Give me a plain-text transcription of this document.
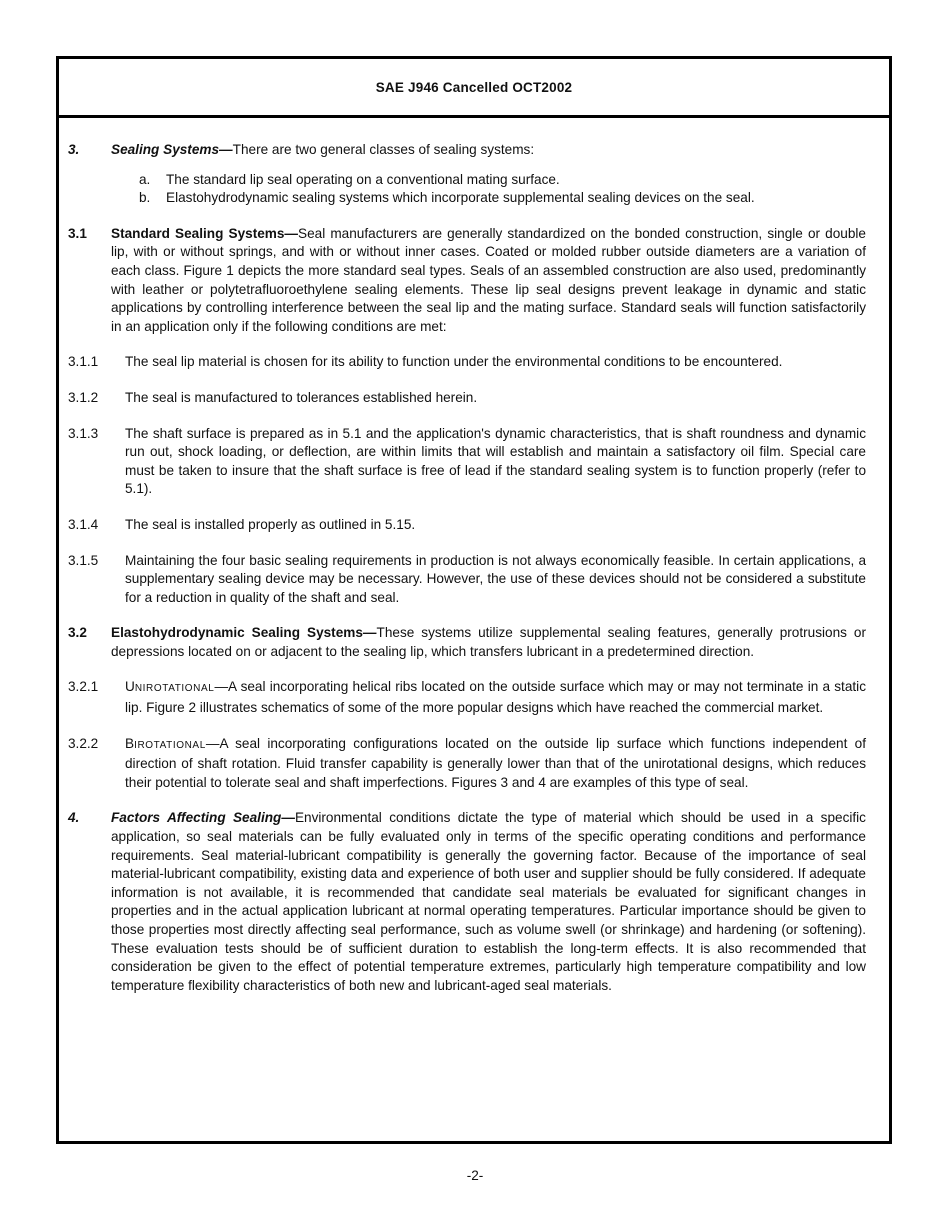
SAE J946 Cancelled OCT2002
3. Sealing Systems—There are two general classes of sealing systems:
a. The standard lip seal operating on a conventional mating surface.
b. Elastohydrodynamic sealing systems which incorporate supplemental sealing devices on the seal.
3.1 Standard Sealing Systems—Seal manufacturers are generally standardized on the bonded construction, single or double lip, with or without springs, and with or without inner cases. Coated or molded rubber outside diameters are a variation of each class. Figure 1 depicts the more standard seal types. Seals of an assembled construction are also used, predominantly with leather or polytetrafluoroethylene sealing elements. These lip seal designs prevent leakage in dynamic and static applications by controlling interference between the seal lip and the mating surface. Standard seals will function satisfactorily in an application only if the following conditions are met:
3.1.1 The seal lip material is chosen for its ability to function under the environmental conditions to be encountered.
3.1.2 The seal is manufactured to tolerances established herein.
3.1.3 The shaft surface is prepared as in 5.1 and the application's dynamic characteristics, that is shaft roundness and dynamic run out, shock loading, or deflection, are within limits that will establish and maintain a satisfactory oil film. Special care must be taken to insure that the shaft surface is free of lead if the standard sealing system is to function properly (refer to 5.1).
3.1.4 The seal is installed properly as outlined in 5.15.
3.1.5 Maintaining the four basic sealing requirements in production is not always economically feasible. In certain applications, a supplementary sealing device may be necessary. However, the use of these devices should not be considered a substitute for a reduction in quality of the shaft and seal.
3.2 Elastohydrodynamic Sealing Systems—These systems utilize supplemental sealing features, generally protrusions or depressions located on or adjacent to the sealing lip, which transfers lubricant in a predetermined direction.
3.2.1 UNIROTATIONAL—A seal incorporating helical ribs located on the outside surface which may or may not terminate in a static lip. Figure 2 illustrates schematics of some of the more popular designs which have reached the commercial market.
3.2.2 BIROTATIONAL—A seal incorporating configurations located on the outside lip surface which functions independent of direction of shaft rotation. Fluid transfer capability is generally lower than that of the unirotational designs, which reduces their potential to tolerate seal and shaft imperfections. Figures 3 and 4 are examples of this type of seal.
4. Factors Affecting Sealing—Environmental conditions dictate the type of material which should be used in a specific application, so seal materials can be fully evaluated only in terms of the specific operating conditions and performance requirements. Seal material-lubricant compatibility is generally the governing factor. Because of the importance of seal material-lubricant compatibility, existing data and experience of both user and supplier should be fully considered. If adequate information is not available, it is recommended that candidate seal materials be evaluated for significant changes in properties and in the actual application lubricant at normal operating temperatures. Particular importance should be given to those properties most directly affecting seal performance, such as volume swell (or shrinkage) and hardening (or softening). These evaluation tests should be of sufficient duration to establish the long-term effects. It is also recommended that consideration be given to the effect of potential temperature extremes, particularly high temperature compatibility and low temperature flexibility characteristics of both new and lubricant-aged seal materials.
-2-
